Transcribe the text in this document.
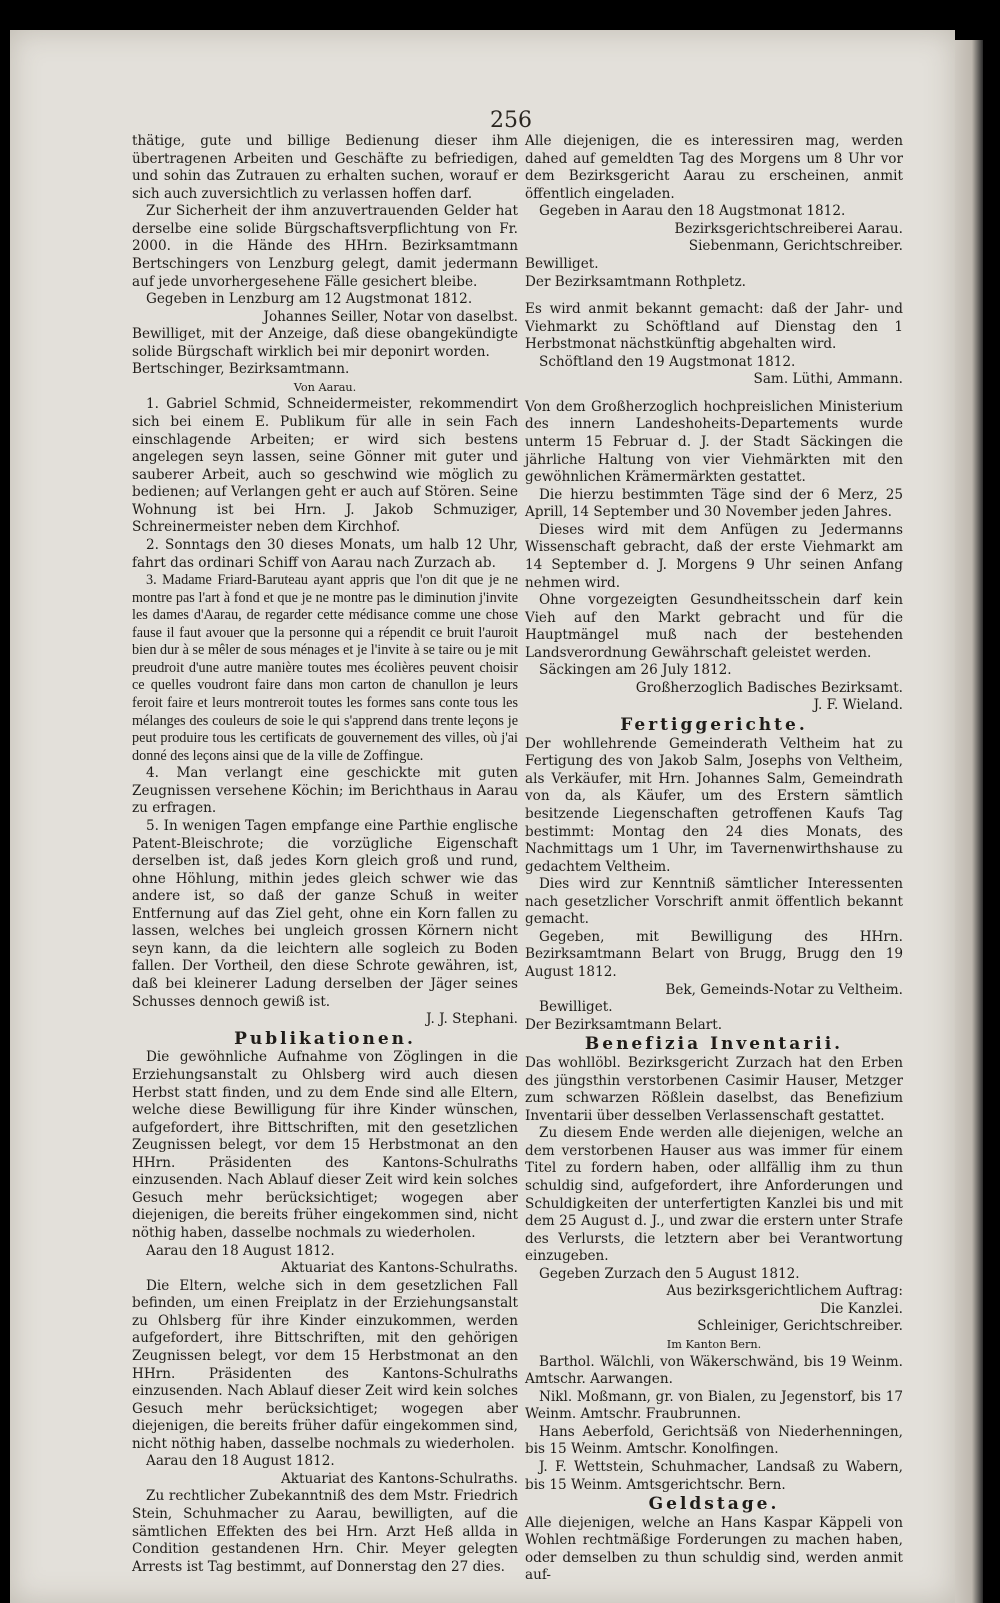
256

thätige, gute und billige Bedienung dieser ihm übertragenen Arbeiten und Geschäfte zu befriedigen, und sohin das Zutrauen zu erhalten suchen, worauf er sich auch zuversichtlich zu verlassen hoffen darf.

Zur Sicherheit der ihm anzuvertrauenden Gelder hat derselbe eine solide Bürgschaftsverpflichtung von Fr. 2000. in die Hände des HHrn. Bezirksamtmann Bertschingers von Lenzburg gelegt, damit jedermann auf jede unvorhergesehene Fälle gesichert bleibe.

Gegeben in Lenzburg am 12 Augstmonat 1812.

Johannes Seiller, Notar von daselbst.

Bewilliget, mit der Anzeige, daß diese obangekündigte solide Bürgschaft wirklich bei mir deponirt worden.

Bertschinger, Bezirksamtmann.

Von Aarau.

1. Gabriel Schmid, Schneidermeister, rekommendirt sich bei einem E. Publikum für alle in sein Fach einschlagende Arbeiten; er wird sich bestens angelegen seyn lassen, seine Gönner mit guter und sauberer Arbeit, auch so geschwind wie möglich zu bedienen; auf Verlangen geht er auch auf Stören. Seine Wohnung ist bei Hrn. J. Jakob Schmuziger, Schreinermeister neben dem Kirchhof.

2. Sonntags den 30 dieses Monats, um halb 12 Uhr, fahrt das ordinari Schiff von Aarau nach Zurzach ab.

3. Madame Friard-Baruteau ayant appris que l'on dit que je ne montre pas l'art à fond et que je ne montre pas le diminution j'invite les dames d'Aarau, de regarder cette médisance comme une chose fause il faut avouer que la personne qui a répendit ce bruit l'auroit bien dur à se mêler de sous ménages et je l'invite à se taire ou je mit preudroit d'une autre manière toutes mes écolières peuvent choisir ce quelles voudront faire dans mon carton de chanullon je leurs feroit faire et leurs montreroit toutes les formes sans conte tous les mélanges des couleurs de soie le qui s'apprend dans trente leçons je peut produire tous les certificats de gouvernement des villes, où j'ai donné des leçons ainsi que de la ville de Zoffingue.

4. Man verlangt eine geschickte mit guten Zeugnissen versehene Köchin; im Berichthaus in Aarau zu erfragen.

5. In wenigen Tagen empfange eine Parthie englische Patent-Bleischrote; die vorzügliche Eigenschaft derselben ist, daß jedes Korn gleich groß und rund, ohne Höhlung, mithin jedes gleich schwer wie das andere ist, so daß der ganze Schuß in weiter Entfernung auf das Ziel geht, ohne ein Korn fallen zu lassen, welches bei ungleich grossen Körnern nicht seyn kann, da die leichtern alle sogleich zu Boden fallen. Der Vortheil, den diese Schrote gewähren, ist, daß bei kleinerer Ladung derselben der Jäger seines Schusses dennoch gewiß ist.

J. J. Stephani.

Publikationen.

Die gewöhnliche Aufnahme von Zöglingen in die Erziehungsanstalt zu Ohlsberg wird auch diesen Herbst statt finden, und zu dem Ende sind alle Eltern, welche diese Bewilligung für ihre Kinder wünschen, aufgefordert, ihre Bittschriften, mit den gesetzlichen Zeugnissen belegt, vor dem 15 Herbstmonat an den HHrn. Präsidenten des Kantons-Schulraths einzusenden. Nach Ablauf dieser Zeit wird kein solches Gesuch mehr berücksichtiget; wogegen aber diejenigen, die bereits früher eingekommen sind, nicht nöthig haben, dasselbe nochmals zu wiederholen.

Aarau den 18 August 1812.

Aktuariat des Kantons-Schulraths.

Die Eltern, welche sich in dem gesetzlichen Fall befinden, um einen Freiplatz in der Erziehungsanstalt zu Ohlsberg für ihre Kinder einzukommen, werden aufgefordert, ihre Bittschriften, mit den gehörigen Zeugnissen belegt, vor dem 15 Herbstmonat an den HHrn. Präsidenten des Kantons-Schulraths einzusenden. Nach Ablauf dieser Zeit wird kein solches Gesuch mehr berücksichtiget; wogegen aber diejenigen, die bereits früher dafür eingekommen sind, nicht nöthig haben, dasselbe nochmals zu wiederholen.

Aarau den 18 August 1812.

Aktuariat des Kantons-Schulraths.

Zu rechtlicher Zubekanntniß des dem Mstr. Friedrich Stein, Schuhmacher zu Aarau, bewilligten, auf die sämtlichen Effekten des bei Hrn. Arzt Heß allda in Condition gestandenen Hrn. Chir. Meyer gelegten Arrests ist Tag bestimmt, auf Donnerstag den 27 dies.

Alle diejenigen, die es interessiren mag, werden dahed auf gemeldten Tag des Morgens um 8 Uhr vor dem Bezirksgericht Aarau zu erscheinen, anmit öffentlich eingeladen.

Gegeben in Aarau den 18 Augstmonat 1812.

Bezirksgerichtschreiberei Aarau.

Siebenmann, Gerichtschreiber.

Bewilliget.

Der Bezirksamtmann Rothpletz.

Es wird anmit bekannt gemacht: daß der Jahr- und Viehmarkt zu Schöftland auf Dienstag den 1 Herbstmonat nächstkünftig abgehalten wird.

Schöftland den 19 Augstmonat 1812.

Sam. Lüthi, Ammann.

Von dem Großherzoglich hochpreislichen Ministerium des innern Landeshoheits-Departements wurde unterm 15 Februar d. J. der Stadt Säckingen die jährliche Haltung von vier Viehmärkten mit den gewöhnlichen Krämermärkten gestattet.

Die hierzu bestimmten Täge sind der 6 Merz, 25 Aprill, 14 September und 30 November jeden Jahres.

Dieses wird mit dem Anfügen zu Jedermanns Wissenschaft gebracht, daß der erste Viehmarkt am 14 September d. J. Morgens 9 Uhr seinen Anfang nehmen wird.

Ohne vorgezeigten Gesundheitsschein darf kein Vieh auf den Markt gebracht und für die Hauptmängel muß nach der bestehenden Landsverordnung Gewährschaft geleistet werden.

Säckingen am 26 July 1812.

Großherzoglich Badisches Bezirksamt.

J. F. Wieland.

Fertiggerichte.

Der wohllehrende Gemeinderath Veltheim hat zu Fertigung des von Jakob Salm, Josephs von Veltheim, als Verkäufer, mit Hrn. Johannes Salm, Gemeindrath von da, als Käufer, um des Erstern sämtlich besitzende Liegenschaften getroffenen Kaufs Tag bestimmt: Montag den 24 dies Monats, des Nachmittags um 1 Uhr, im Tavernenwirthshause zu gedachtem Veltheim.

Dies wird zur Kenntniß sämtlicher Interessenten nach gesetzlicher Vorschrift anmit öffentlich bekannt gemacht.

Gegeben, mit Bewilligung des HHrn. Bezirksamtmann Belart von Brugg, Brugg den 19 August 1812.

Bek, Gemeinds-Notar zu Veltheim.

Bewilliget.

Der Bezirksamtmann Belart.

Benefizia Inventarii.

Das wohllöbl. Bezirksgericht Zurzach hat den Erben des jüngsthin verstorbenen Casimir Hauser, Metzger zum schwarzen Rößlein daselbst, das Benefizium Inventarii über desselben Verlassenschaft gestattet.

Zu diesem Ende werden alle diejenigen, welche an dem verstorbenen Hauser aus was immer für einem Titel zu fordern haben, oder allfällig ihm zu thun schuldig sind, aufgefordert, ihre Anforderungen und Schuldigkeiten der unterfertigten Kanzlei bis und mit dem 25 August d. J., und zwar die erstern unter Strafe des Verlursts, die letztern aber bei Verantwortung einzugeben.

Gegeben Zurzach den 5 August 1812.

Aus bezirksgerichtlichem Auftrag:

Die Kanzlei.

Schleiniger, Gerichtschreiber.

Im Kanton Bern.

Barthol. Wälchli, von Wäkerschwänd, bis 19 Weinm. Amtschr. Aarwangen.

Nikl. Moßmann, gr. von Bialen, zu Jegenstorf, bis 17 Weinm. Amtschr. Fraubrunnen.

Hans Aeberfold, Gerichtsäß von Niederhenningen, bis 15 Weinm. Amtschr. Konolfingen.

J. F. Wettstein, Schuhmacher, Landsaß zu Wabern, bis 15 Weinm. Amtsgerichtschr. Bern.

Geldstage.

Alle diejenigen, welche an Hans Kaspar Käppeli von Wohlen rechtmäßige Forderungen zu machen haben, oder demselben zu thun schuldig sind, werden anmit auf-
